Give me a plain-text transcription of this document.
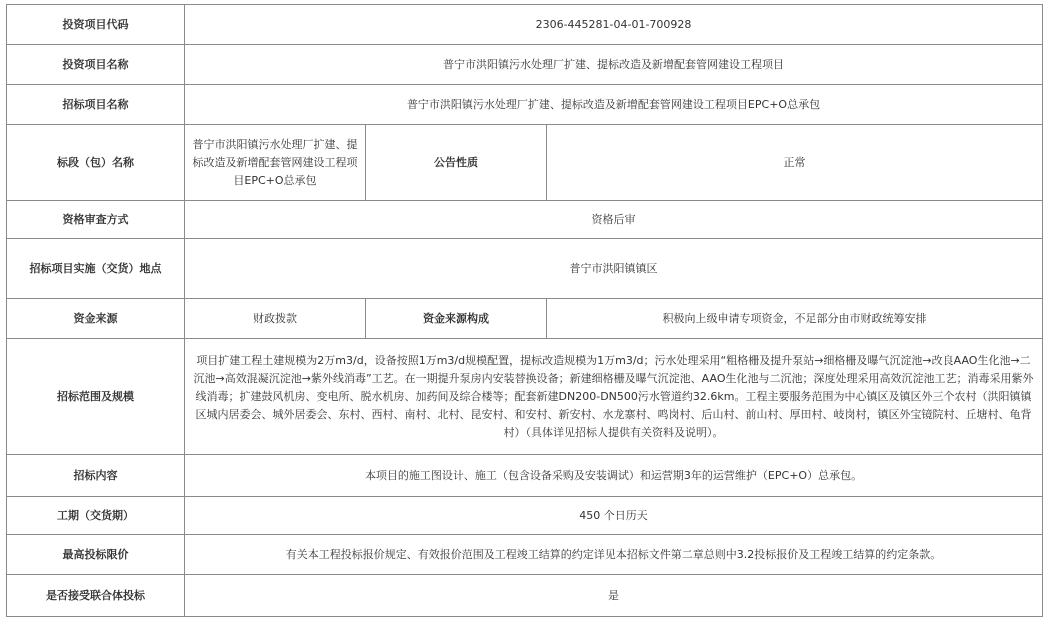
投资项目代码	2306-445281-04-01-700928		
投资项目名称	普宁市洪阳镇污水处理厂扩建、提标改造及新增配套管网建设工程项目		
招标项目名称	普宁市洪阳镇污水处理厂扩建、提标改造及新增配套管网建设工程项目EPC+O总承包		
标段（包）名称	普宁市洪阳镇污水处理厂扩建、提标改造及新增配套管网建设工程项目EPC+O总承包	公告性质	正常
资格审查方式	资格后审		
招标项目实施（交货）地点	普宁市洪阳镇镇区		
资金来源	财政拨款	资金来源构成	积极向上级申请专项资金，不足部分由市财政统筹安排
招标范围及规模	项目扩建工程土建规模为2万m3/d，设备按照1万m3/d规模配置，提标改造规模为1万m3/d；污水处理采用“粗格栅及提升泵站→细格栅及曝气沉淀池→改良AAO生化池→二沉池→高效混凝沉淀池→紫外线消毒”工艺。在一期提升泵房内安装替换设备；新建细格栅及曝气沉淀池、AAO生化池与二沉池；深度处理采用高效沉淀池工艺；消毒采用紫外线消毒；扩建鼓风机房、变电所、脱水机房、加药间及综合楼等；配套新建DN200-DN500污水管道约32.6km。工程主要服务范围为中心镇区及镇区外三个农村（洪阳镇镇区城内居委会、城外居委会、东村、西村、南村、北村、昆安村、和安村、新安村、水龙寨村、鸣岗村、后山村、前山村、厚田村、岐岗村，镇区外宝镜院村、丘塘村、龟背村）（具体详见招标人提供有关资料及说明）。		
招标内容	本项目的施工图设计、施工（包含设备采购及安装调试）和运营期3年的运营维护（EPC+O）总承包。		
工期（交货期）	450 个日历天		
最高投标限价	有关本工程投标报价规定、有效报价范围及工程竣工结算的约定详见本招标文件第二章总则中3.2投标报价及工程竣工结算的约定条款。		
是否接受联合体投标	是		
